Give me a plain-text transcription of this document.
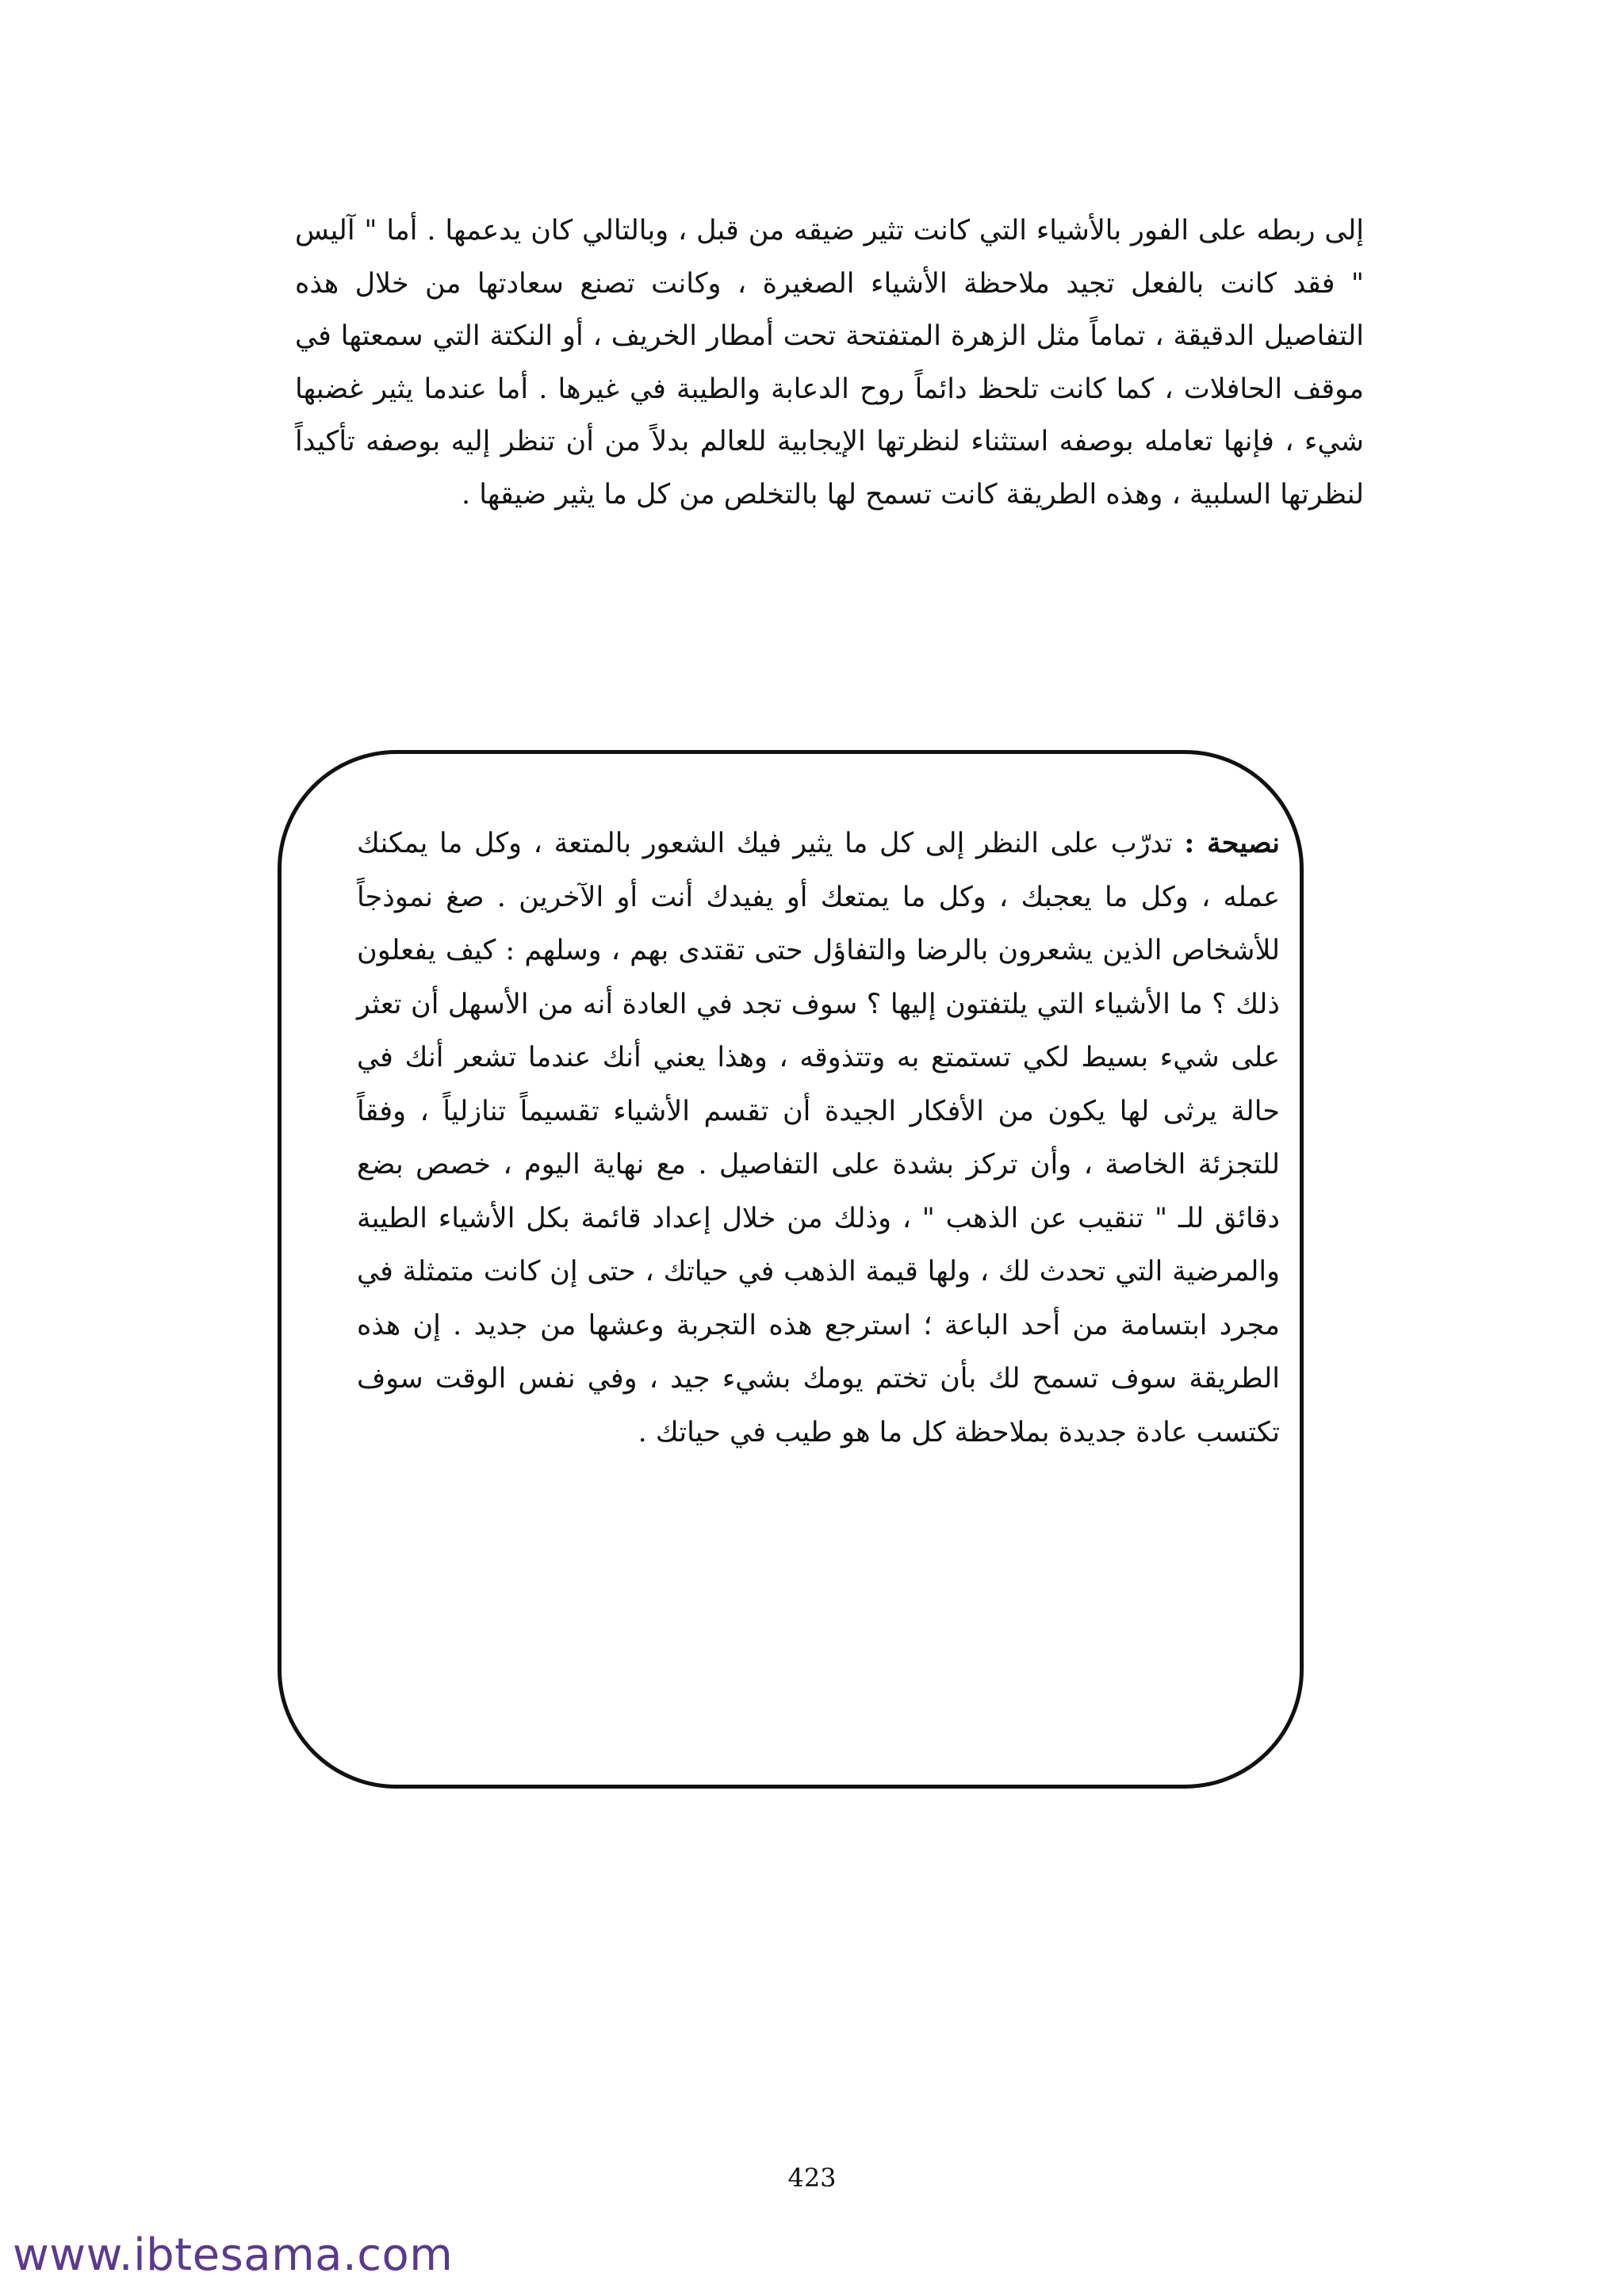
إلى ربطه على الفور بالأشياء التي كانت تثير ضيقه من قبل ، وبالتالي كان يدعمها . أما " آليس " فقد كانت بالفعل تجيد ملاحظة الأشياء الصغيرة ، وكانت تصنع سعادتها من خلال هذه التفاصيل الدقيقة ، تماماً مثل الزهرة المتفتحة تحت أمطار الخريف ، أو النكتة التي سمعتها في موقف الحافلات ، كما كانت تلحظ دائماً روح الدعابة والطيبة في غيرها . أما عندما يثير غضبها شيء ، فإنها تعامله بوصفه استثناء لنظرتها الإيجابية للعالم بدلاً من أن تنظر إليه بوصفه تأكيداً لنظرتها السلبية ، وهذه الطريقة كانت تسمح لها بالتخلص من كل ما يثير ضيقها .

نصيحة : تدرّب على النظر إلى كل ما يثير فيك الشعور بالمتعة ، وكل ما يمكنك عمله ، وكل ما يعجبك ، وكل ما يمتعك أو يفيدك أنت أو الآخرين . صغ نموذجاً للأشخاص الذين يشعرون بالرضا والتفاؤل حتى تقتدى بهم ، وسلهم : كيف يفعلون ذلك ؟ ما الأشياء التي يلتفتون إليها ؟ سوف تجد في العادة أنه من الأسهل أن تعثر على شيء بسيط لكي تستمتع به وتتذوقه ، وهذا يعني أنك عندما تشعر أنك في حالة يرثى لها يكون من الأفكار الجيدة أن تقسم الأشياء تقسيماً تنازلياً ، وفقاً للتجزئة الخاصة ، وأن تركز بشدة على التفاصيل . مع نهاية اليوم ، خصص بضع دقائق للـ " تنقيب عن الذهب " ، وذلك من خلال إعداد قائمة بكل الأشياء الطيبة والمرضية التي تحدث لك ، ولها قيمة الذهب في حياتك ، حتى إن كانت متمثلة في مجرد ابتسامة من أحد الباعة ؛ استرجع هذه التجربة وعشها من جديد . إن هذه الطريقة سوف تسمح لك بأن تختم يومك بشيء جيد ، وفي نفس الوقت سوف تكتسب عادة جديدة بملاحظة كل ما هو طيب في حياتك .

423
www.ibtesama.com
